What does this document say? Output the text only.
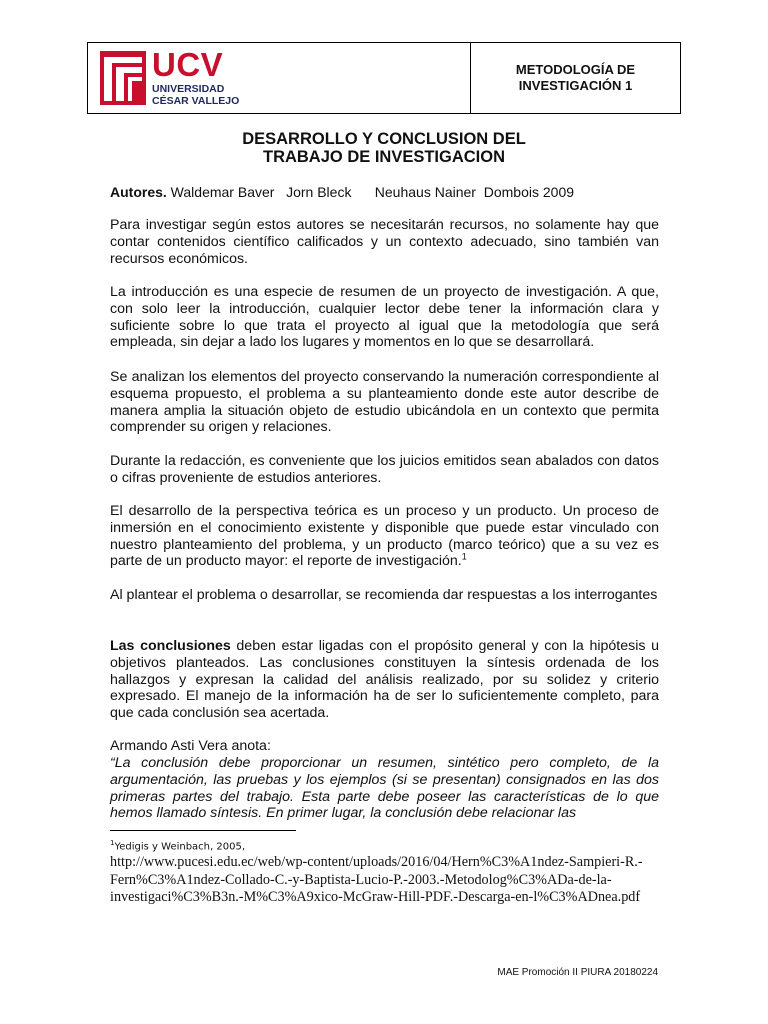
UCV
UNIVERSIDAD
CÉSAR VALLEJO
METODOLOGÍA DE
INVESTIGACIÓN 1
DESARROLLO Y CONCLUSION DEL
TRABAJO DE INVESTIGACION
Autores. Waldemar Baver   Jorn Bleck      Neuhaus Nainer  Dombois 2009
Para investigar según estos autores se necesitarán recursos, no solamente hay que contar contenidos científico calificados y un contexto adecuado, sino también van recursos económicos.
La introducción es una especie de resumen de un proyecto de investigación. A que, con solo leer la introducción, cualquier lector debe tener la información clara y suficiente sobre lo que trata el proyecto al igual que la metodología que será empleada, sin dejar a lado los lugares y momentos en lo que se desarrollará.
Se analizan los elementos del proyecto conservando la numeración correspondiente al esquema propuesto, el problema a su planteamiento donde este autor describe de manera amplia la situación objeto de estudio ubicándola en un contexto que permita comprender su origen y relaciones.
Durante la redacción, es conveniente que los juicios emitidos sean abalados con datos o cifras proveniente de estudios anteriores.
El desarrollo de la perspectiva teórica es un proceso y un producto. Un proceso de inmersión en el conocimiento existente y disponible que puede estar vinculado con nuestro planteamiento del problema, y un producto (marco teórico) que a su vez es parte de un producto mayor: el reporte de investigación.$^1$
Al plantear el problema o desarrollar, se recomienda dar respuestas a los interrogantes
Las conclusiones deben estar ligadas con el propósito general y con la hipótesis u objetivos planteados. Las conclusiones constituyen la síntesis ordenada de los hallazgos y expresan la calidad del análisis realizado, por su solidez y criterio expresado. El manejo de la información ha de ser lo suficientemente completo, para que cada conclusión sea acertada.
Armando Asti Vera anota:
“La conclusión debe proporcionar un resumen, sintético pero completo, de la argumentación, las pruebas y los ejemplos (si se presentan) consignados en las dos primeras partes del trabajo. Esta parte debe poseer las características de lo que hemos llamado síntesis. En primer lugar, la conclusión debe relacionar las
$^1$Yedigis y Weinbach, 2005,
http://www.pucesi.edu.ec/web/wp-content/uploads/2016/04/Hern%C3%A1ndez-Sampieri-R.-Fern%C3%A1ndez-Collado-C.-y-Baptista-Lucio-P.-2003.-Metodolog%C3%ADa-de-la-investigaci%C3%B3n.-M%C3%A9xico-McGraw-Hill-PDF.-Descarga-en-l%C3%ADnea.pdf
MAE Promoción II PIURA 20180224
